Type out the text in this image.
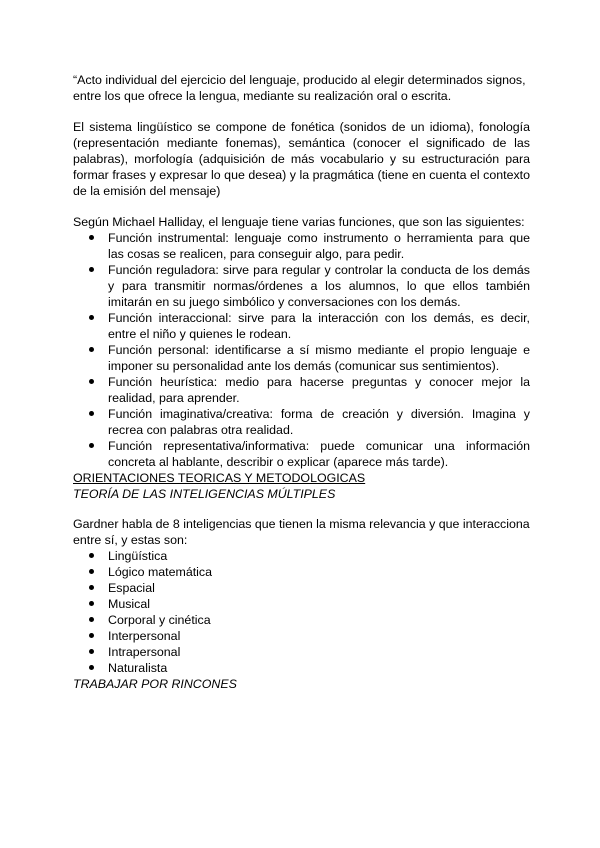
“Acto individual del ejercicio del lenguaje, producido al elegir determinados signos, entre los que ofrece la lengua, mediante su realización oral o escrita.

El sistema lingüístico se compone de fonética (sonidos de un idioma), fonología (representación mediante fonemas), semántica (conocer el significado de las palabras), morfología (adquisición de más vocabulario y su estructuración para formar frases y expresar lo que desea) y la pragmática (tiene en cuenta el contexto de la emisión del mensaje)

Según Michael Halliday, el lenguaje tiene varias funciones, que son las siguientes:

Función instrumental: lenguaje como instrumento o herramienta para que las cosas se realicen, para conseguir algo, para pedir.
Función reguladora: sirve para regular y controlar la conducta de los demás y para transmitir normas/órdenes a los alumnos, lo que ellos también imitarán en su juego simbólico y conversaciones con los demás.
Función interaccional: sirve para la interacción con los demás, es decir, entre el niño y quienes le rodean.
Función personal: identificarse a sí mismo mediante el propio lenguaje e imponer su personalidad ante los demás (comunicar sus sentimientos).
Función heurística: medio para hacerse preguntas y conocer mejor la realidad, para aprender.
Función imaginativa/creativa: forma de creación y diversión. Imagina y recrea con palabras otra realidad.
Función representativa/informativa: puede comunicar una información concreta al hablante, describir o explicar (aparece más tarde).

ORIENTACIONES TEORICAS Y METODOLOGICAS

TEORÍA DE LAS INTELIGENCIAS MÚLTIPLES

Gardner habla de 8 inteligencias que tienen la misma relevancia y que interacciona entre sí, y estas son:

Lingüística
Lógico matemática
Espacial
Musical
Corporal y cinética
Interpersonal
Intrapersonal
Naturalista

TRABAJAR POR RINCONES
